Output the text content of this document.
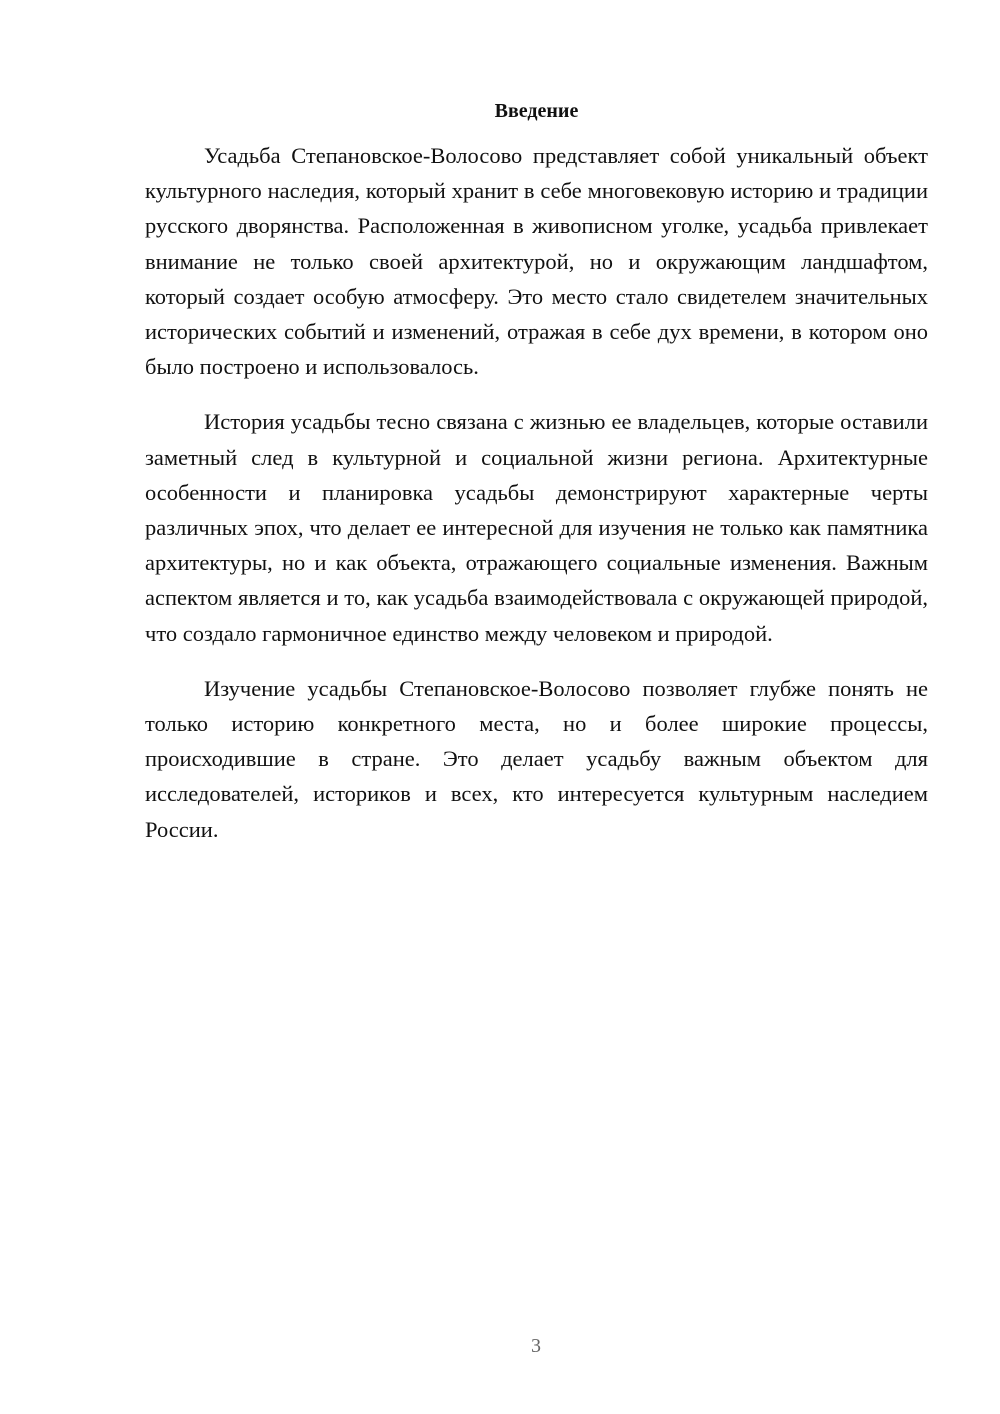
Введение

Усадьба Степановское-Волосово представляет собой уникальный объект культурного наследия, который хранит в себе многовековую историю и традиции русского дворянства. Расположенная в живописном уголке, усадьба привлекает внимание не только своей архитектурой, но и окружающим ландшафтом, который создает особую атмосферу. Это место стало свидетелем значительных исторических событий и изменений, отражая в себе дух времени, в котором оно было построено и использовалось.

История усадьбы тесно связана с жизнью ее владельцев, которые оставили заметный след в культурной и социальной жизни региона. Архитектурные особенности и планировка усадьбы демонстрируют характерные черты различных эпох, что делает ее интересной для изучения не только как памятника архитектуры, но и как объекта, отражающего социальные изменения. Важным аспектом является и то, как усадьба взаимодействовала с окружающей природой, что создало гармоничное единство между человеком и природой.

Изучение усадьбы Степановское-Волосово позволяет глубже понять не только историю конкретного места, но и более широкие процессы, происходившие в стране. Это делает усадьбу важным объектом для исследователей, историков и всех, кто интересуется культурным наследием России.

3
